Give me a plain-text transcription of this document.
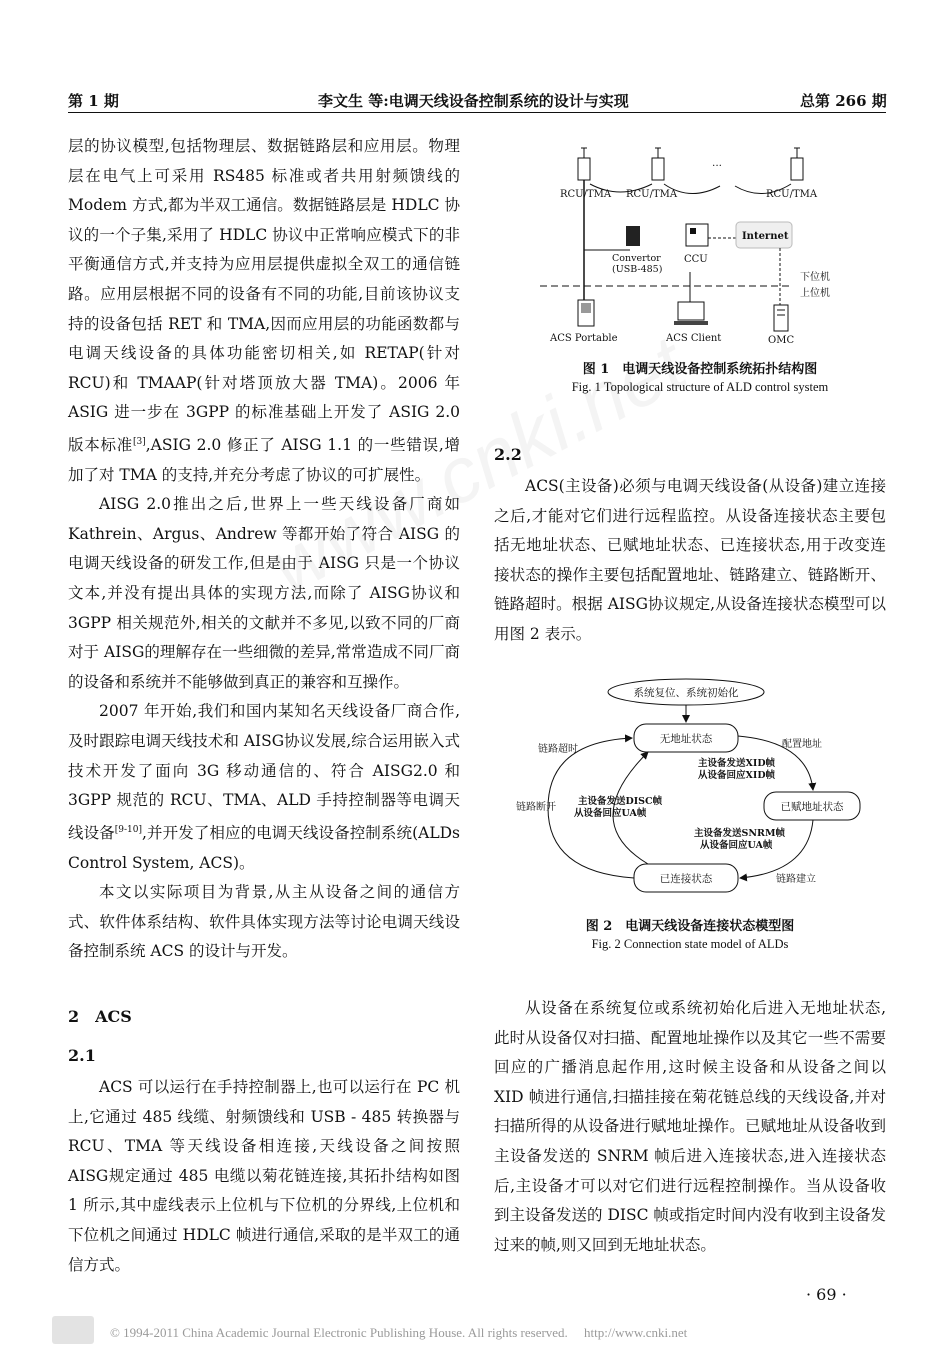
第 1 期	李文生 等:电调天线设备控制系统的设计与实现	总第 266 期

层的协议模型,包括物理层、数据链路层和应用层。物理层在电气上可采用 RS485 标准或者共用射频馈线的 Modem 方式,都为半双工通信。数据链路层是 HDLC 协议的一个子集,采用了 HDLC 协议中正常响应模式下的非平衡通信方式,并支持为应用层提供虚拟全双工的通信链路。应用层根据不同的设备有不同的功能,目前该协议支持的设备包括 RET 和 TMA,因而应用层的功能函数都与电调天线设备的具体功能密切相关,如 RETAP(针对 RCU)和 TMAAP(针对塔顶放大器 TMA)。2006 年 ASIG 进一步在 3GPP 的标准基础上开发了 ASIG 2.0 版本标准[3],ASIG 2.0 修正了 AISG 1.1 的一些错误,增加了对 TMA 的支持,并充分考虑了协议的可扩展性。

AISG 2.0推出之后,世界上一些天线设备厂商如 Kathrein、Argus、Andrew 等都开始了符合 AISG 的电调天线设备的研发工作,但是由于 AISG 只是一个协议文本,并没有提出具体的实现方法,而除了 AISG协议和 3GPP 相关规范外,相关的文献并不多见,以致不同的厂商对于 AISG的理解存在一些细微的差异,常常造成不同厂商的设备和系统并不能够做到真正的兼容和互操作。

2007 年开始,我们和国内某知名天线设备厂商合作,及时跟踪电调天线技术和 AISG协议发展,综合运用嵌入式技术开发了面向 3G 移动通信的、符合 AISG2.0 和 3GPP 规范的 RCU、TMA、ALD 手持控制器等电调天线设备[9-10],并开发了相应的电调天线设备控制系统(ALDs Control System, ACS)。

本文以实际项目为背景,从主从设备之间的通信方式、软件体系结构、软件具体实现方法等讨论电调天线设备控制系统 ACS 的设计与开发。

2　ACS
2.1

ACS 可以运行在手持控制器上,也可以运行在 PC 机上,它通过 485 线缆、射频馈线和 USB - 485 转换器与 RCU、TMA 等天线设备相连接,天线设备之间按照 AISG规定通过 485 电缆以菊花链连接,其拓扑结构如图 1 所示,其中虚线表示上位机与下位机的分界线,上位机和下位机之间通过 HDLC 帧进行通信,采取的是半双工的通信方式。

...
RCU/TMA RCU/TMA	RCU/TMA
Convertor
(USB-485)
CCU
Internet
下位机
上位机
ACS Portable	ACS Client	OMC
图 1　电调天线设备控制系统拓扑结构图
Fig. 1 Topological structure of ALD control system
2.2

ACS(主设备)必须与电调天线设备(从设备)建立连接之后,才能对它们进行远程监控。从设备连接状态主要包括无地址状态、已赋地址状态、已连接状态,用于改变连接状态的操作主要包括配置地址、链路建立、链路断开、链路超时。根据 AISG协议规定,从设备连接状态模型可以用图 2 表示。

系统复位、系统初始化
无地址状态
已赋地址状态
已连接状态
配置地址
主设备发送XID帧
从设备回应XID帧
主设备发送SNRM帧
从设备回应UA帧
链路建立
链路断开
链路超时
主设备发送DISC帧
从设备回应UA帧
图 2　电调天线设备连接状态模型图
Fig. 2 Connection state model of ALDs

从设备在系统复位或系统初始化后进入无地址状态,此时从设备仅对扫描、配置地址操作以及其它一些不需要回应的广播消息起作用,这时候主设备和从设备之间以 XID 帧进行通信,扫描挂接在菊花链总线的天线设备,并对扫描所得的从设备进行赋地址操作。已赋地址从设备收到主设备发送的 SNRM 帧后进入连接状态,进入连接状态后,主设备才可以对它们进行远程控制操作。当从设备收到主设备发送的 DISC 帧或指定时间内没有收到主设备发过来的帧,则又回到无地址状态。

· 69 ·
© 1994-2011 China Academic Journal Electronic Publishing House. All rights reserved.　 http://www.cnki.net
